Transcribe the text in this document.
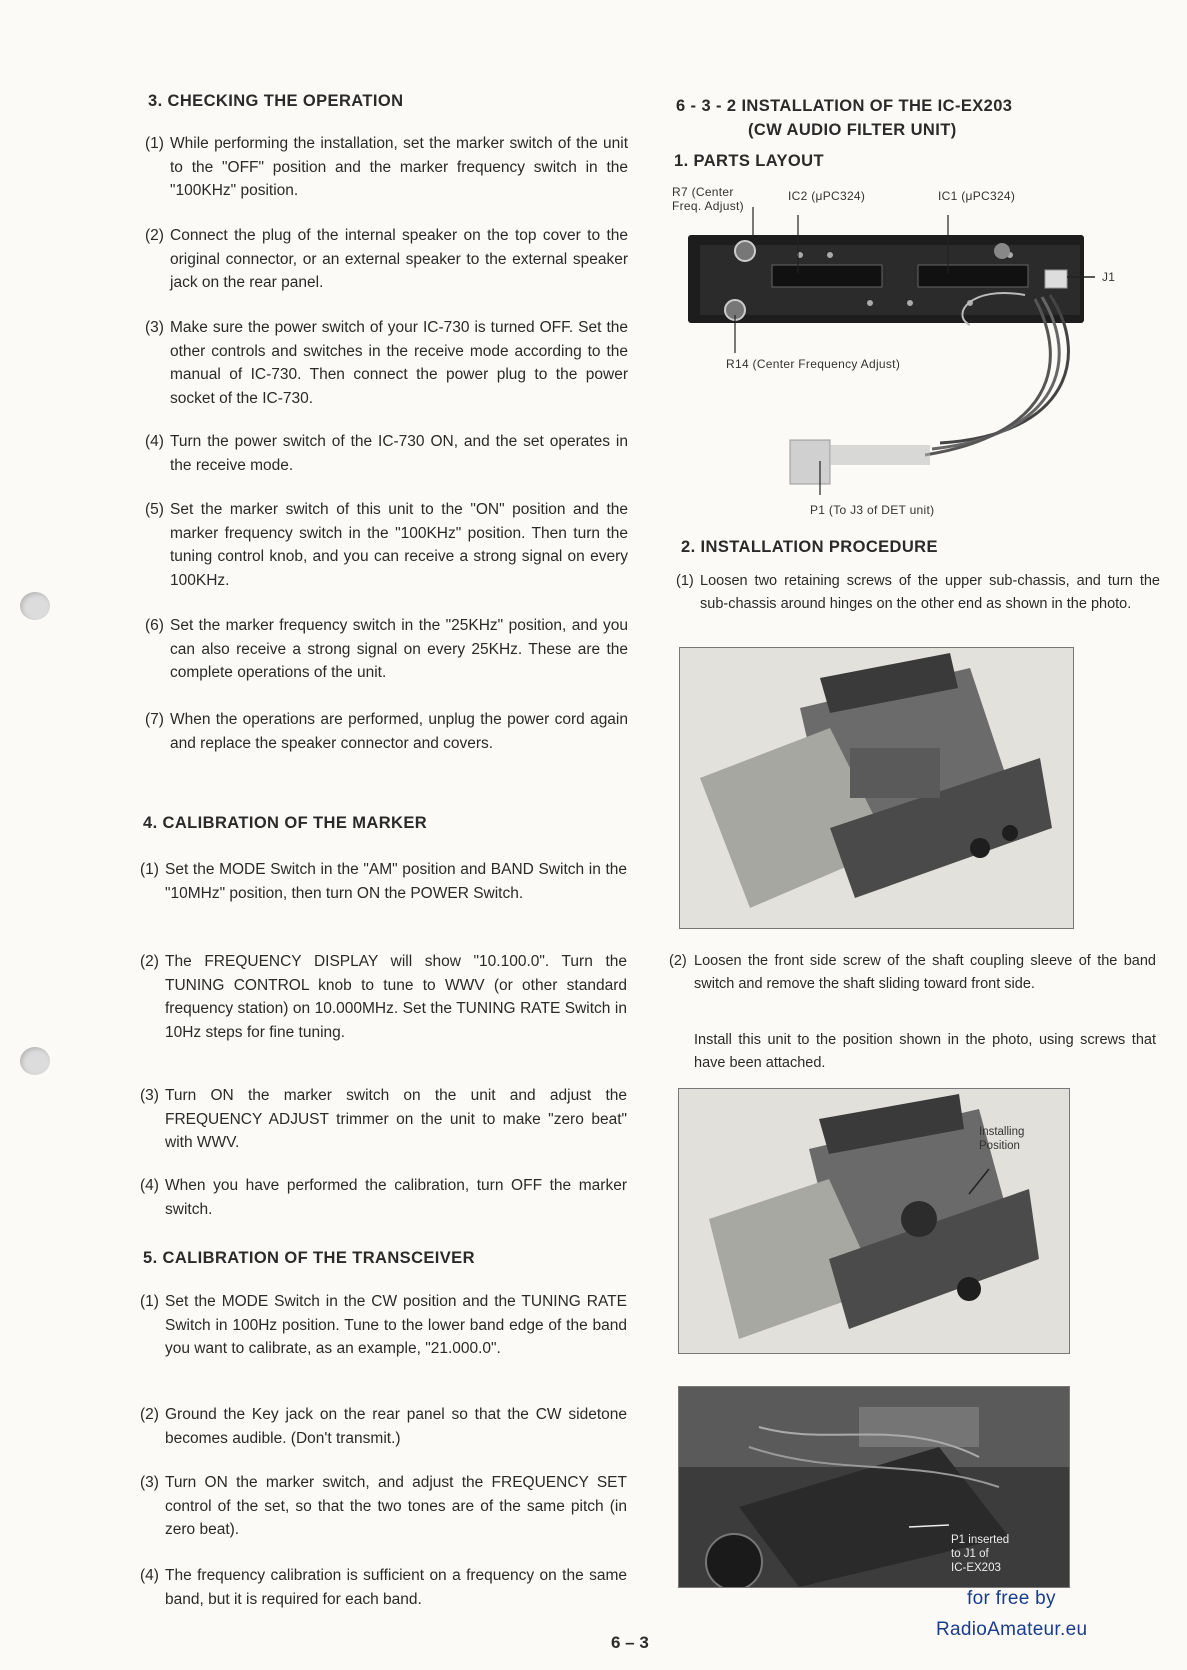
3. CHECKING THE OPERATION
(1) While performing the installation, set the marker switch of the unit to the "OFF" position and the marker frequency switch in the "100KHz" position.
(2) Connect the plug of the internal speaker on the top cover to the original connector, or an external speaker to the external speaker jack on the rear panel.
(3) Make sure the power switch of your IC-730 is turned OFF. Set the other controls and switches in the receive mode according to the manual of IC-730. Then connect the power plug to the power socket of the IC-730.
(4) Turn the power switch of the IC-730 ON, and the set operates in the receive mode.
(5) Set the marker switch of this unit to the "ON" position and the marker frequency switch in the "100KHz" position. Then turn the tuning control knob, and you can receive a strong signal on every 100KHz.
(6) Set the marker frequency switch in the "25KHz" position, and you can also receive a strong signal on every 25KHz. These are the complete operations of the unit.
(7) When the operations are performed, unplug the power cord again and replace the speaker connector and covers.
4. CALIBRATION OF THE MARKER
(1) Set the MODE Switch in the "AM" position and BAND Switch in the "10MHz" position, then turn ON the POWER Switch.
(2) The FREQUENCY DISPLAY will show "10.100.0". Turn the TUNING CONTROL knob to tune to WWV (or other standard frequency station) on 10.000MHz. Set the TUNING RATE Switch in 10Hz steps for fine tuning.
(3) Turn ON the marker switch on the unit and adjust the FREQUENCY ADJUST trimmer on the unit to make "zero beat" with WWV.
(4) When you have performed the calibration, turn OFF the marker switch.
5. CALIBRATION OF THE TRANSCEIVER
(1) Set the MODE Switch in the CW position and the TUNING RATE Switch in 100Hz position. Tune to the lower band edge of the band you want to calibrate, as an example, "21.000.0".
(2) Ground the Key jack on the rear panel so that the CW sidetone becomes audible. (Don't transmit.)
(3) Turn ON the marker switch, and adjust the FREQUENCY SET control of the set, so that the two tones are of the same pitch (in zero beat).
(4) The frequency calibration is sufficient on a frequency on the same band, but it is required for each band.
6 - 3 - 2 INSTALLATION OF THE IC-EX203
(CW AUDIO FILTER UNIT)
1. PARTS LAYOUT
R7 (Center
Freq. Adjust)
IC2 (μPC324)	IC1 (μPC324)
J1
R14 (Center Frequency Adjust)
P1 (To J3 of DET unit)
2. INSTALLATION PROCEDURE
(1) Loosen two retaining screws of the upper sub-chassis, and turn the sub-chassis around hinges on the other end as shown in the photo.
(2) Loosen the front side screw of the shaft coupling sleeve of the band switch and remove the shaft sliding toward front side.
Install this unit to the position shown in the photo, using screws that have been attached.
Installing
Position
P1 inserted
to J1 of
IC-EX203
6 – 3
for free by
RadioAmateur.eu
